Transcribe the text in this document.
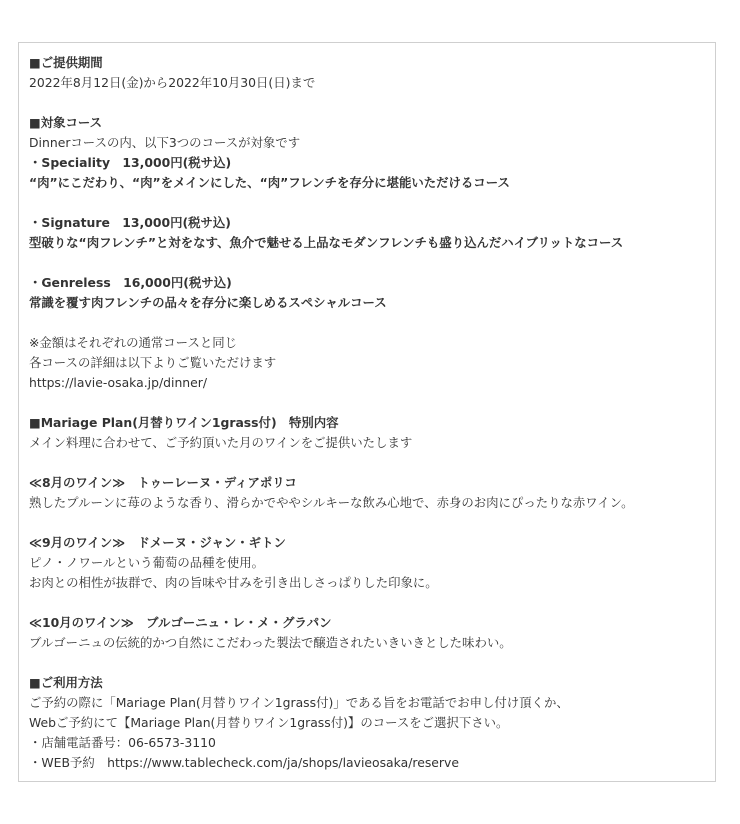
■ご提供期間
2022年8月12日(金)から2022年10月30日(日)まで
■対象コース
Dinnerコースの内、以下3つのコースが対象です
・Speciality　13,000円(税サ込)
“肉”にこだわり、“肉”をメインにした、“肉”フレンチを存分に堪能いただけるコース
・Signature　13,000円(税サ込)
型破りな“肉フレンチ”と対をなす、魚介で魅せる上品なモダンフレンチも盛り込んだハイブリットなコース
・Genreless　16,000円(税サ込)
常識を覆す肉フレンチの品々を存分に楽しめるスペシャルコース
※金額はそれぞれの通常コースと同じ
各コースの詳細は以下よりご覧いただけます
https://lavie-osaka.jp/dinner/
■Mariage Plan(月替りワイン1grass付)　特別内容
メイン料理に合わせて、ご予約頂いた月のワインをご提供いたします
≪8月のワイン≫　トゥーレーヌ・ディアポリコ
熟したプルーンに苺のような香り、滑らかでややシルキーな飲み心地で、赤身のお肉にぴったりな赤ワイン。
≪9月のワイン≫　ドメーヌ・ジャン・ギトン
ピノ・ノワールという葡萄の品種を使用。
お肉との相性が抜群で、肉の旨味や甘みを引き出しさっぱりした印象に。
≪10月のワイン≫　ブルゴーニュ・レ・メ・グラパン
ブルゴーニュの伝統的かつ自然にこだわった製法で醸造されたいきいきとした味わい。
■ご利用方法
ご予約の際に「Mariage Plan(月替りワイン1grass付)」である旨をお電話でお申し付け頂くか、
Webご予約にて【Mariage Plan(月替りワイン1grass付)】のコースをご選択下さい。
・店舗電話番号：06-6573-3110
・WEB予約　https://www.tablecheck.com/ja/shops/lavieosaka/reserve
